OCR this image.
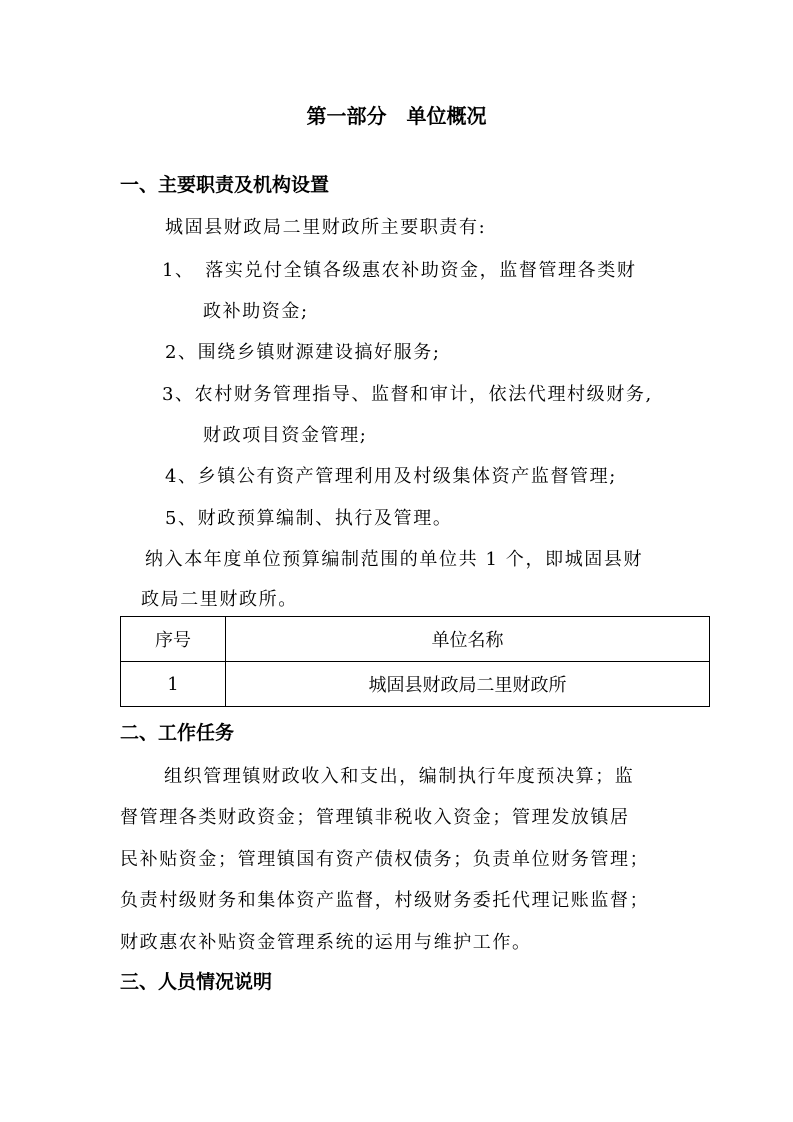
第一部分　单位概况
一、主要职责及机构设置
城固县财政局二里财政所主要职责有:
1、　落实兑付全镇各级惠农补助资金，监督管理各类财
政补助资金;
2、围绕乡镇财源建设搞好服务;
3、农村财务管理指导、监督和审计，依法代理村级财务,
财政项目资金管理;
4、乡镇公有资产管理利用及村级集体资产监督管理;
5、财政预算编制、执行及管理。
纳入本年度单位预算编制范围的单位共 1 个，即城固县财
政局二里财政所。
序号	单位名称
1	城固县财政局二里财政所
二、工作任务
组织管理镇财政收入和支出，编制执行年度预决算；监
督管理各类财政资金；管理镇非税收入资金；管理发放镇居
民补贴资金；管理镇国有资产债权债务；负责单位财务管理；
负责村级财务和集体资产监督，村级财务委托代理记账监督；
财政惠农补贴资金管理系统的运用与维护工作。
三、人员情况说明
